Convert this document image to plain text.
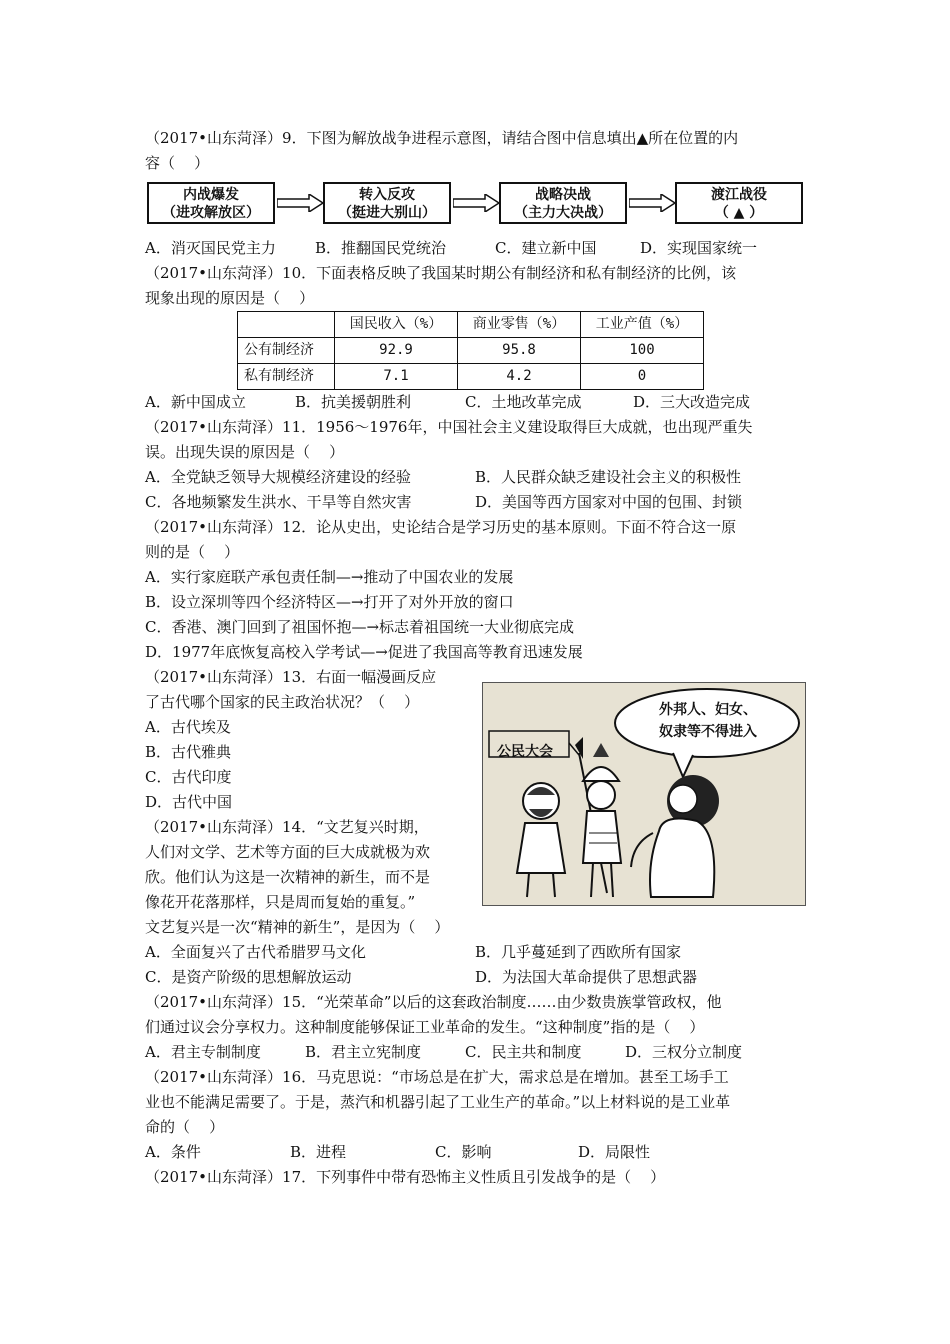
（2017•山东菏泽）9．下图为解放战争进程示意图，请结合图中信息填出▲所在位置的内
容（    ）
内战爆发
（进攻解放区）
转入反攻
（挺进大别山）
战略决战
（主力大决战）
渡江战役
（ ▲ ）
A．消灭国民党主力	B．推翻国民党统治	C．建立新中国	D．实现国家统一
（2017•山东菏泽）10．下面表格反映了我国某时期公有制经济和私有制经济的比例，该
现象出现的原因是（    ）
	国民收入（%）	商业零售（%）	工业产值（%）
公有制经济	92.9	95.8	100
私有制经济	7.1	4.2	0
A．新中国成立	B．抗美援朝胜利	C．土地改革完成	D．三大改造完成
（2017•山东菏泽）11．1956～1976年，中国社会主义建设取得巨大成就，也出现严重失
误。出现失误的原因是（    ）
A．全党缺乏领导大规模经济建设的经验	B．人民群众缺乏建设社会主义的积极性
C．各地频繁发生洪水、干旱等自然灾害	D．美国等西方国家对中国的包围、封锁
（2017•山东菏泽）12．论从史出，史论结合是学习历史的基本原则。下面不符合这一原
则的是（    ）
A．实行家庭联产承包责任制—→推动了中国农业的发展
B．设立深圳等四个经济特区—→打开了对外开放的窗口
C．香港、澳门回到了祖国怀抱—→标志着祖国统一大业彻底完成
D．1977年底恢复高校入学考试—→促进了我国高等教育迅速发展
（2017•山东菏泽）13．右面一幅漫画反应
了古代哪个国家的民主政治状况？（    ）
A．古代埃及
B．古代雅典
C．古代印度
D．古代中国
（2017•山东菏泽）14．“文艺复兴时期，
人们对文学、艺术等方面的巨大成就极为欢
欣。他们认为这是一次精神的新生，而不是
像花开花落那样，只是周而复始的重复。”
文艺复兴是一次“精神的新生”，是因为（    ）
A．全面复兴了古代希腊罗马文化	B．几乎蔓延到了西欧所有国家
C．是资产阶级的思想解放运动	D．为法国大革命提供了思想武器
（2017•山东菏泽）15．“光荣革命”以后的这套政治制度……由少数贵族掌管政权，他
们通过议会分享权力。这种制度能够保证工业革命的发生。“这种制度”指的是（    ）
A．君主专制制度	B．君主立宪制度	C．民主共和制度	D．三权分立制度
（2017•山东菏泽）16．马克思说：“市场总是在扩大，需求总是在增加。甚至工场手工
业也不能满足需要了。于是，蒸汽和机器引起了工业生产的革命。”以上材料说的是工业革
命的（    ）
A．条件	B．进程	C．影响	D．局限性
（2017•山东菏泽）17．下列事件中带有恐怖主义性质且引发战争的是（    ）
公民大会
外邦人、妇女、
奴隶等不得进入
